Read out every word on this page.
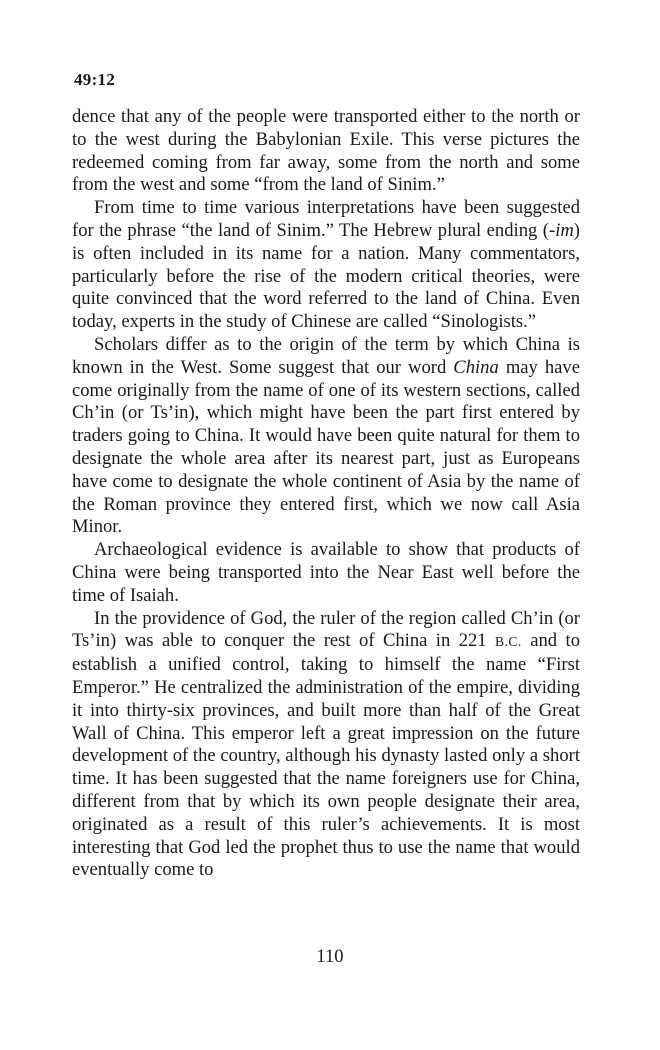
49:12

dence that any of the people were transported either to the north or to the west during the Babylonian Exile. This verse pictures the redeemed coming from far away, some from the north and some from the west and some “from the land of Sinim.”

From time to time various interpretations have been suggested for the phrase “the land of Sinim.” The Hebrew plural ending (-im) is often included in its name for a nation. Many commentators, particularly before the rise of the modern critical theories, were quite convinced that the word referred to the land of China. Even today, experts in the study of Chinese are called “Sinologists.”

Scholars differ as to the origin of the term by which China is known in the West. Some suggest that our word China may have come originally from the name of one of its western sections, called Ch’in (or Ts’in), which might have been the part first entered by traders going to China. It would have been quite natural for them to designate the whole area after its nearest part, just as Europeans have come to designate the whole continent of Asia by the name of the Roman province they entered first, which we now call Asia Minor.

Archaeological evidence is available to show that products of China were being transported into the Near East well before the time of Isaiah.

In the providence of God, the ruler of the region called Ch’in (or Ts’in) was able to conquer the rest of China in 221 B.C. and to establish a unified control, taking to himself the name “First Emperor.” He centralized the administration of the empire, dividing it into thirty-six provinces, and built more than half of the Great Wall of China. This emperor left a great impression on the future development of the country, although his dynasty lasted only a short time. It has been suggested that the name foreigners use for China, different from that by which its own people designate their area, originated as a result of this ruler’s achievements. It is most interesting that God led the prophet thus to use the name that would eventually come to

110
